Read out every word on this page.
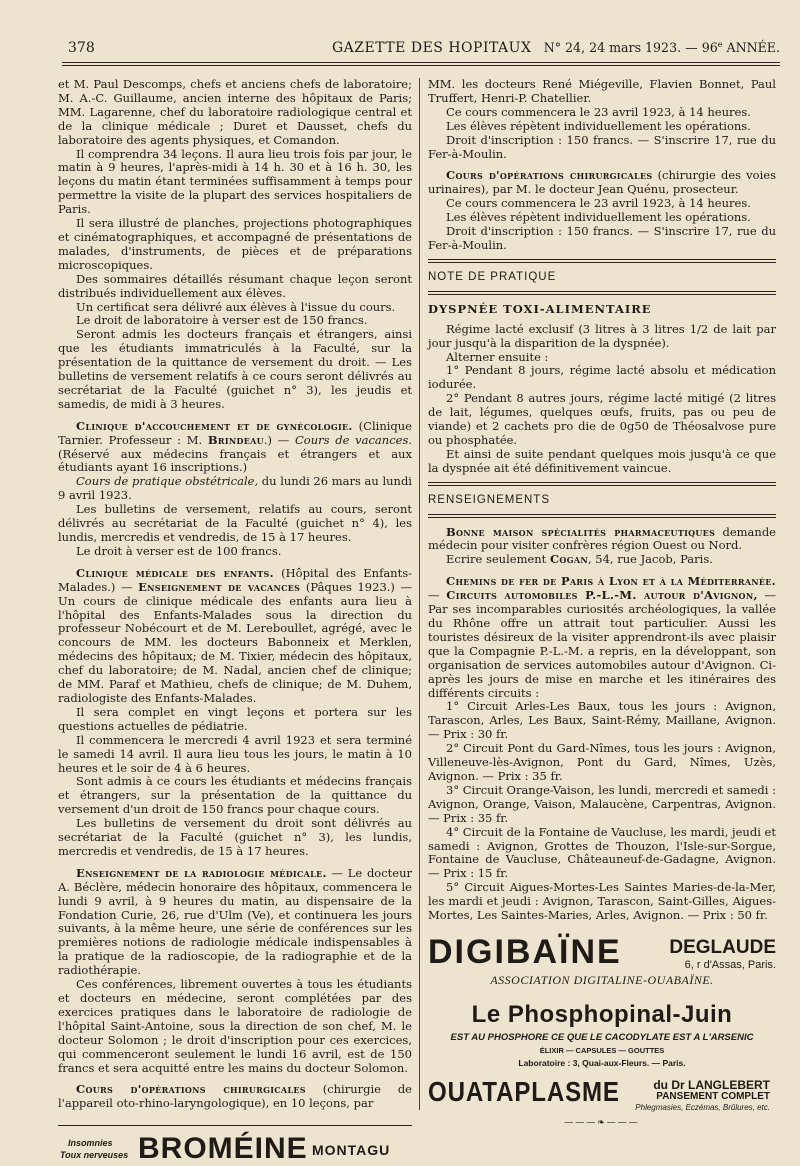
378	GAZETTE DES HOPITAUX N° 24, 24 mars 1923. — 96e ANNÉE.

et M. Paul Descomps, chefs et anciens chefs de laboratoire; M. A.-C. Guillaume, ancien interne des hôpitaux de Paris; MM. Lagarenne, chef du laboratoire radiologique central et de la clinique médicale ; Duret et Dausset, chefs du laboratoire des agents physiques, et Comandon.

Il comprendra 34 leçons. Il aura lieu trois fois par jour, le matin à 9 heures, l'après-midi à 14 h. 30 et à 16 h. 30, les leçons du matin étant terminées suffisamment à temps pour permettre la visite de la plupart des services hospitaliers de Paris.

Il sera illustré de planches, projections photographiques et cinématographiques, et accompagné de présentations de malades, d'instruments, de pièces et de préparations microscopiques.

Des sommaires détaillés résumant chaque leçon seront distribués individuellement aux élèves.

Un certificat sera délivré aux élèves à l'issue du cours.

Le droit de laboratoire à verser est de 150 francs.

Seront admis les docteurs français et étrangers, ainsi que les étudiants immatriculés à la Faculté, sur la présentation de la quittance de versement du droit. — Les bulletins de versement relatifs à ce cours seront délivrés au secrétariat de la Faculté (guichet n° 3), les jeudis et samedis, de midi à 3 heures.

Clinique d'accouchement et de gynécologie. (Clinique Tarnier. Professeur : M. Brindeau.) — Cours de vacances. (Réservé aux médecins français et étrangers et aux étudiants ayant 16 inscriptions.)

Cours de pratique obstétricale, du lundi 26 mars au lundi 9 avril 1923.

Les bulletins de versement, relatifs au cours, seront délivrés au secrétariat de la Faculté (guichet n° 4), les lundis, mercredis et vendredis, de 15 à 17 heures.

Le droit à verser est de 100 francs.

Clinique médicale des enfants. (Hôpital des Enfants-Malades.) — Enseignement de vacances (Pâques 1923.) — Un cours de clinique médicale des enfants aura lieu à l'hôpital des Enfants-Malades sous la direction du professeur Nobécourt et de M. Lereboullet, agrégé, avec le concours de MM. les docteurs Babonneix et Merklen, médecins des hôpitaux; de M. Tixier, médecin des hôpitaux, chef du laboratoire; de M. Nadal, ancien chef de clinique; de MM. Paraf et Mathieu, chefs de clinique; de M. Duhem, radiologiste des Enfants-Malades.

Il sera complet en vingt leçons et portera sur les questions actuelles de pédiatrie.

Il commencera le mercredi 4 avril 1923 et sera terminé le samedi 14 avril. Il aura lieu tous les jours, le matin à 10 heures et le soir de 4 à 6 heures.

Sont admis à ce cours les étudiants et médecins français et étrangers, sur la présentation de la quittance du versement d'un droit de 150 francs pour chaque cours.

Les bulletins de versement du droit sont délivrés au secrétariat de la Faculté (guichet n° 3), les lundis, mercredis et vendredis, de 15 à 17 heures.

Enseignement de la radiologie médicale. — Le docteur A. Béclère, médecin honoraire des hôpitaux, commencera le lundi 9 avril, à 9 heures du matin, au dispensaire de la Fondation Curie, 26, rue d'Ulm (Ve), et continuera les jours suivants, à la même heure, une série de conférences sur les premières notions de radiologie médicale indispensables à la pratique de la radioscopie, de la radiographie et de la radiothérapie.

Ces conférences, librement ouvertes à tous les étudiants et docteurs en médecine, seront complétées par des exercices pratiques dans le laboratoire de radiologie de l'hôpital Saint-Antoine, sous la direction de son chef, M. le docteur Solomon ; le droit d'inscription pour ces exercices, qui commenceront seulement le lundi 16 avril, est de 150 francs et sera acquitté entre les mains du docteur Solomon.

Cours d'opérations chirurgicales (chirurgie de l'appareil oto-rhino-laryngologique), en 10 leçons, par

Insomnies
Toux nerveuses BROMÉINE MONTAGU

MM. les docteurs René Miégeville, Flavien Bonnet, Paul Truffert, Henri-P. Chatellier.

Ce cours commencera le 23 avril 1923, à 14 heures.

Les élèves répètent individuellement les opérations.

Droit d'inscription : 150 francs. — S'inscrire 17, rue du Fer-à-Moulin.

Cours d'opérations chirurgicales (chirurgie des voies urinaires), par M. le docteur Jean Quénu, prosecteur.

Ce cours commencera le 23 avril 1923, à 14 heures.

Les élèves répètent individuellement les opérations.

Droit d'inscription : 150 francs. — S'inscrire 17, rue du Fer-à-Moulin.

NOTE DE PRATIQUE

DYSPNÉE TOXI-ALIMENTAIRE

Régime lacté exclusif (3 litres à 3 litres 1/2 de lait par jour jusqu'à la disparition de la dyspnée).

Alterner ensuite :

1° Pendant 8 jours, régime lacté absolu et médication iodurée.

2° Pendant 8 autres jours, régime lacté mitigé (2 litres de lait, légumes, quelques œufs, fruits, pas ou peu de viande) et 2 cachets pro die de 0g50 de Théosalvose pure ou phosphatée.

Et ainsi de suite pendant quelques mois jusqu'à ce que la dyspnée ait été définitivement vaincue.

RENSEIGNEMENTS

Bonne maison spécialités pharmaceutiques demande médecin pour visiter confrères région Ouest ou Nord.

Ecrire seulement Cogan, 54, rue Jacob, Paris.

Chemins de fer de Paris à Lyon et à la Méditerranée. — Circuits automobiles P.-L.-M. autour d'Avignon, — Par ses incomparables curiosités archéologiques, la vallée du Rhône offre un attrait tout particulier. Aussi les touristes désireux de la visiter apprendront-ils avec plaisir que la Compagnie P.-L.-M. a repris, en la développant, son organisation de services automobiles autour d'Avignon. Ci-après les jours de mise en marche et les itinéraires des différents circuits :

1° Circuit Arles-Les Baux, tous les jours : Avignon, Tarascon, Arles, Les Baux, Saint-Rémy, Maillane, Avignon. — Prix : 30 fr.

2° Circuit Pont du Gard-Nîmes, tous les jours : Avignon, Villeneuve-lès-Avignon, Pont du Gard, Nîmes, Uzès, Avignon. — Prix : 35 fr.

3° Circuit Orange-Vaison, les lundi, mercredi et samedi : Avignon, Orange, Vaison, Malaucène, Carpentras, Avignon. — Prix : 35 fr.

4° Circuit de la Fontaine de Vaucluse, les mardi, jeudi et samedi : Avignon, Grottes de Thouzon, l'Isle-sur-Sorgue, Fontaine de Vaucluse, Châteauneuf-de-Gadagne, Avignon. — Prix : 15 fr.

5° Circuit Aigues-Mortes-Les Saintes Maries-de-la-Mer, les mardi et jeudi : Avignon, Tarascon, Saint-Gilles, Aigues-Mortes, Les Saintes-Maries, Arles, Avignon. — Prix : 50 fr.

DIGIBAÏNE	DEGLAUDE
6, r d'Assas, Paris.
ASSOCIATION DIGITALINE-OUABAÏNE.
Le Phosphopinal-Juin
EST AU PHOSPHORE CE QUE LE CACODYLATE EST A L'ARSENIC
ÉLIXIR — CAPSULES — GOUTTES
Laboratoire : 3, Quai-aux-Fleurs. — Paris.
OUATAPLASME	du Dr LANGLEBERT
PANSEMENT COMPLET
Phlegmasies, Eczémas, Brûlures, etc.
———❧———
